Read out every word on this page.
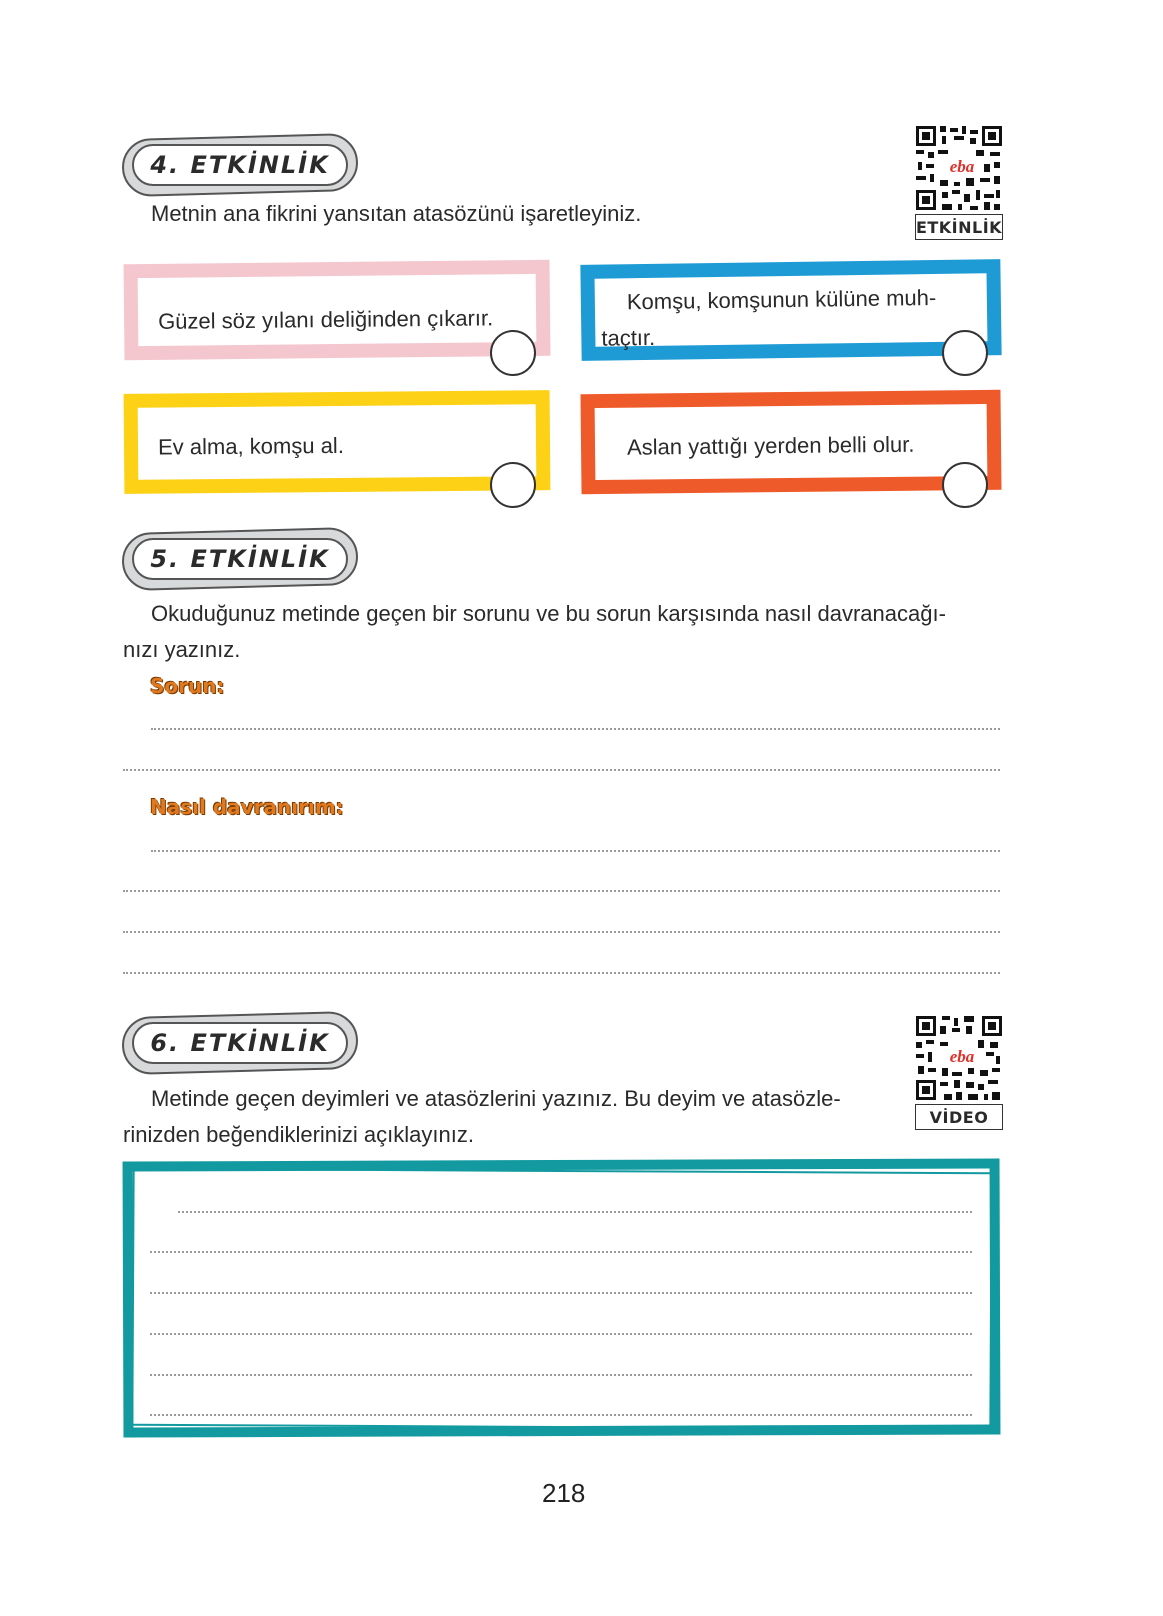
4. ETKİNLİK
Metnin ana fikrini yansıtan atasözünü işaretleyiniz.
eba
ETKİNLİK
Güzel söz yılanı deliğinden çıkarır.
Komşu, komşunun külüne muh-
taçtır.
Ev alma, komşu al.	Aslan yattığı yerden belli olur.
5. ETKİNLİK
Okuduğunuz metinde geçen bir sorunu ve bu sorun karşısında nasıl davranacağı-
nızı yazınız.
Sorun:
Nasıl davranırım:
6. ETKİNLİK	eba
VİDEO
Metinde geçen deyimleri ve atasözlerini yazınız. Bu deyim ve atasözle-
rinizden beğendiklerinizi açıklayınız.
218
